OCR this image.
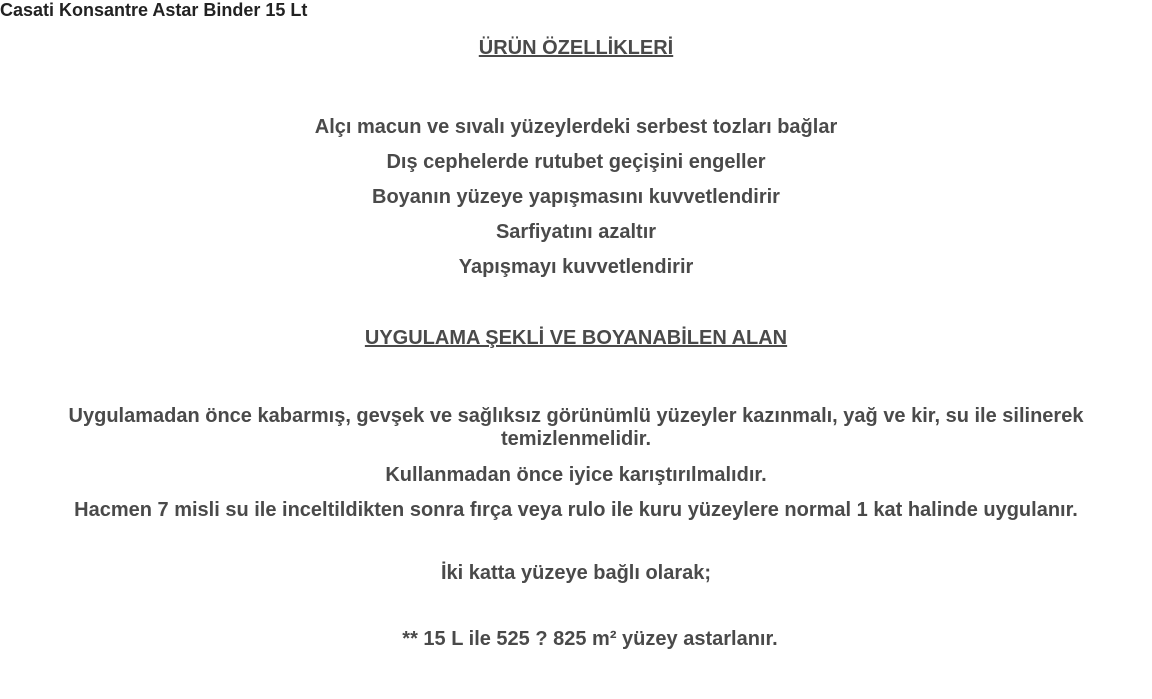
Casati Konsantre Astar Binder 15 Lt
ÜRÜN ÖZELLİKLERİ
Alçı macun ve sıvalı yüzeylerdeki serbest tozları bağlar
Dış cephelerde rutubet geçişini engeller
Boyanın yüzeye yapışmasını kuvvetlendirir
Sarfiyatını azaltır
Yapışmayı kuvvetlendirir
UYGULAMA ŞEKLİ VE BOYANABİLEN ALAN
Uygulamadan önce kabarmış, gevşek ve sağlıksız görünümlü yüzeyler kazınmalı, yağ ve kir, su ile silinerek temizlenmelidir.
Kullanmadan önce iyice karıştırılmalıdır.
Hacmen 7 misli su ile inceltildikten sonra fırça veya rulo ile kuru yüzeylere normal 1 kat halinde uygulanır.
İki katta yüzeye bağlı olarak;
** 15 L ile 525 ? 825 m² yüzey astarlanır.
